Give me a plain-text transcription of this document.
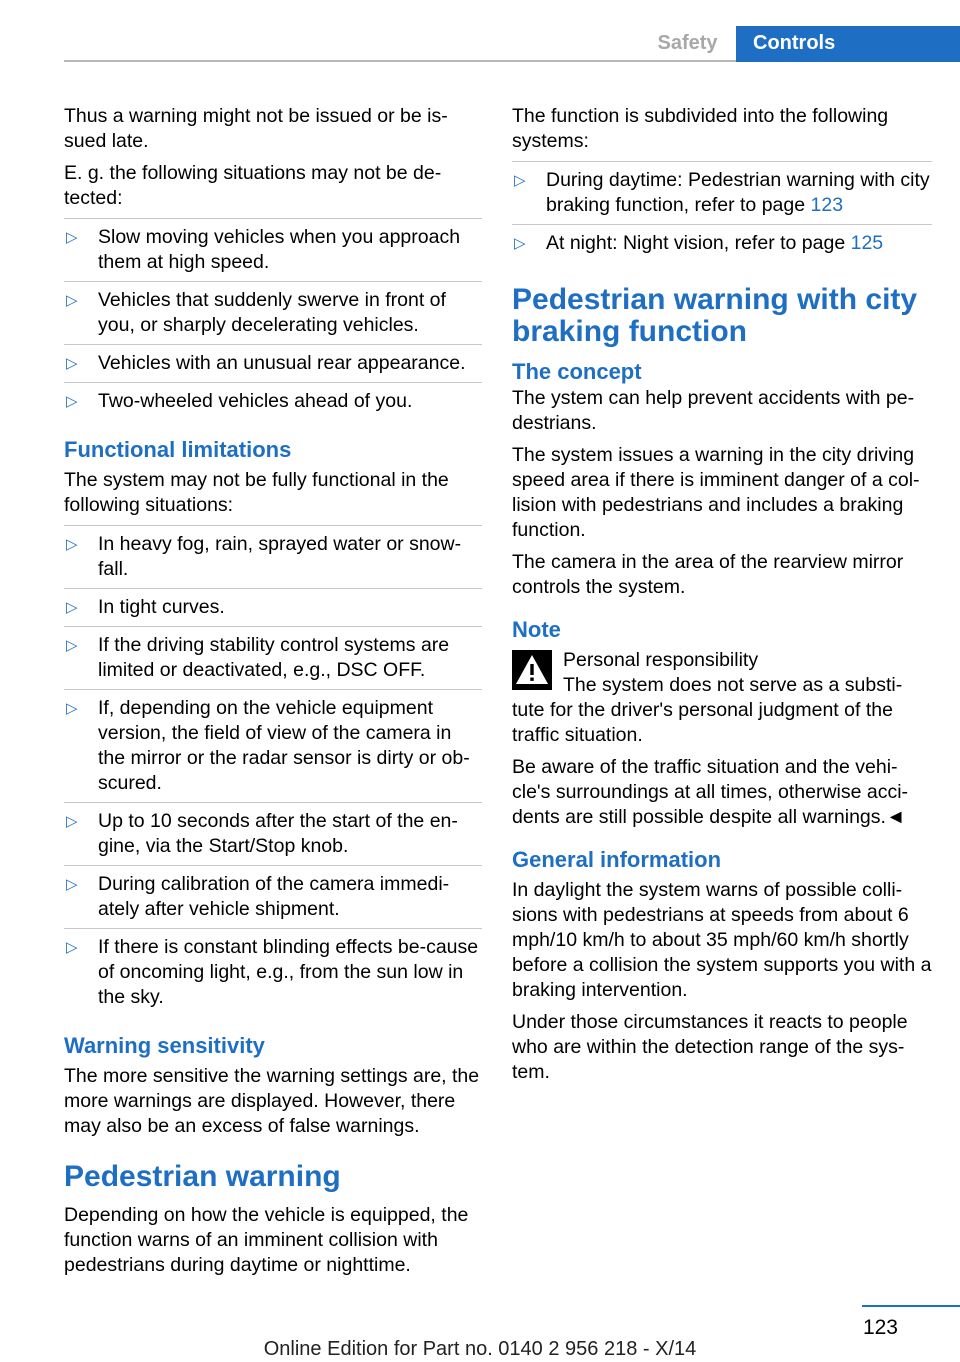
Safety	Controls

Thus a warning might not be issued or be is‐sued late.

E. g. the following situations may not be de‐tected:

▷ Slow moving vehicles when you approach them at high speed.
▷ Vehicles that suddenly swerve in front of you, or sharply decelerating vehicles.
▷ Vehicles with an unusual rear appearance.
▷ Two-wheeled vehicles ahead of you.
Functional limitations

The system may not be fully functional in the following situations:

▷ In heavy fog, rain, sprayed water or snow‐fall.
▷ In tight curves.
▷ If the driving stability control systems are limited or deactivated, e.g., DSC OFF.
▷ If, depending on the vehicle equipment version, the field of view of the camera in the mirror or the radar sensor is dirty or ob‐scured.
▷ Up to 10 seconds after the start of the en‐gine, via the Start/Stop knob.
▷ During calibration of the camera immedi‐ately after vehicle shipment.
▷ If there is constant blinding effects be‐cause of oncoming light, e.g., from the sun low in the sky.
Warning sensitivity

The more sensitive the warning settings are, the more warnings are displayed. However, there may also be an excess of false warnings.

Pedestrian warning

Depending on how the vehicle is equipped, the function warns of an imminent collision with pedestrians during daytime or nighttime.

The function is subdivided into the following systems:

▷ During daytime: Pedestrian warning with city braking function, refer to page 123
▷ At night: Night vision, refer to page 125
Pedestrian warning with city braking function
The concept

The ystem can help prevent accidents with pe‐destrians.

The system issues a warning in the city driving speed area if there is imminent danger of a col‐lision with pedestrians and includes a braking function.

The camera in the area of the rearview mirror controls the system.

Note
Personal responsibility
The system does not serve as a substi‐

tute for the driver's personal judgment of the traffic situation.

Be aware of the traffic situation and the vehi‐cle's surroundings at all times, otherwise acci‐dents are still possible despite all warnings.◄

General information

In daylight the system warns of possible colli‐sions with pedestrians at speeds from about 6 mph/10 km/h to about 35 mph/60 km/h shortly before a collision the system supports you with a braking intervention.

Under those circumstances it reacts to people who are within the detection range of the sys‐tem.

123
Online Edition for Part no. 0140 2 956 218 - X/14
